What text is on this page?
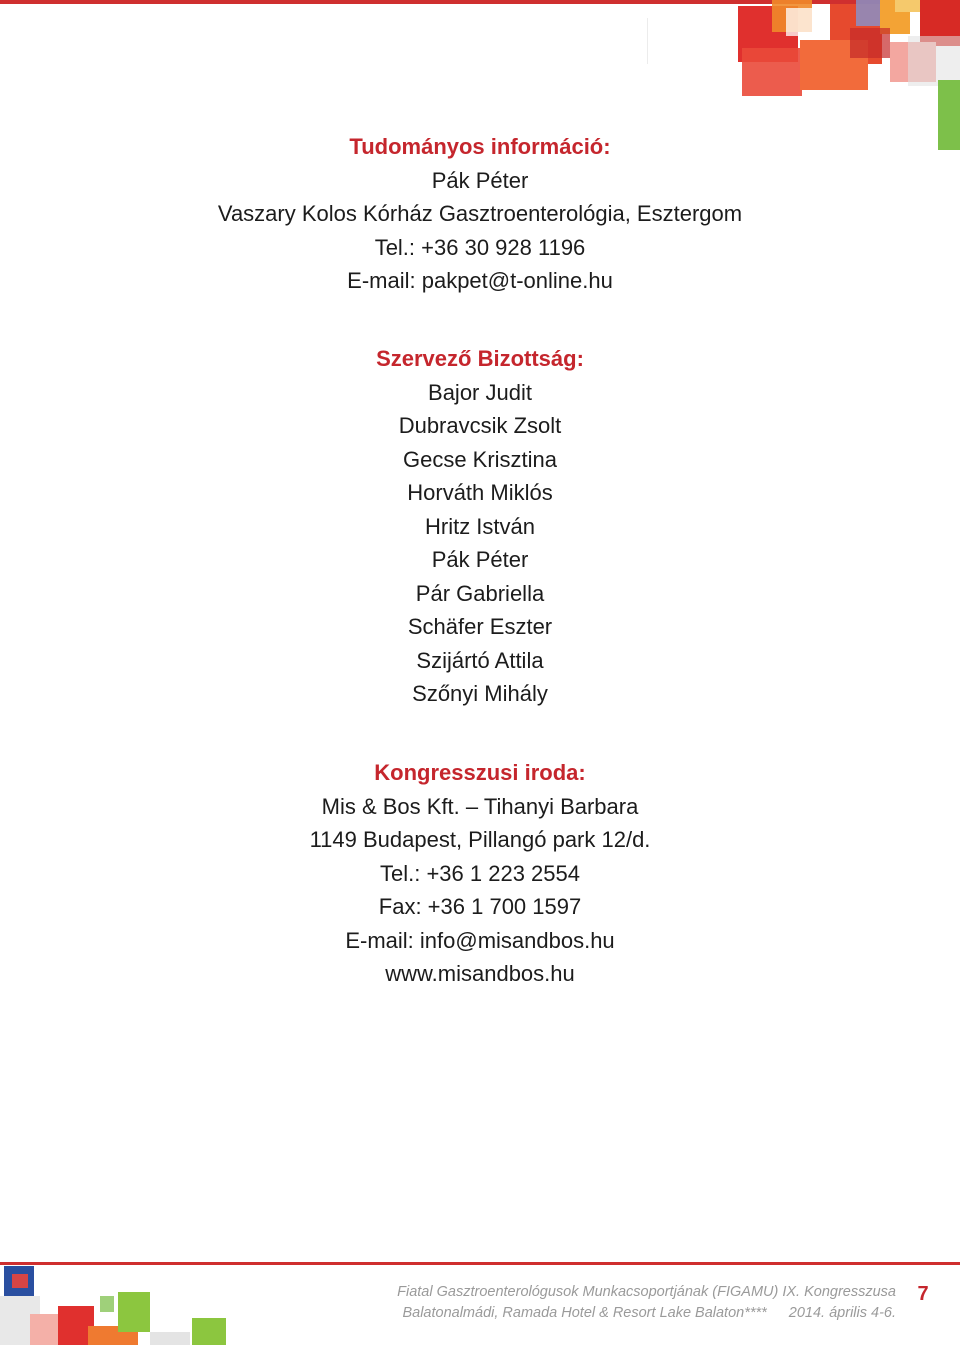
Tudományos információ:
Pák Péter
Vaszary Kolos Kórház Gasztroenterológia, Esztergom
Tel.: +36 30 928 1196
E-mail: pakpet@t-online.hu
Szervező Bizottság:
Bajor Judit
Dubravcsik Zsolt
Gecse Krisztina
Horváth Miklós
Hritz István
Pák Péter
Pár Gabriella
Schäfer Eszter
Szijártó Attila
Szőnyi Mihály
Kongresszusi iroda:
Mis & Bos Kft. – Tihanyi Barbara
1149 Budapest, Pillangó park 12/d.
Tel.: +36 1 223 2554
Fax: +36 1 700 1597
E-mail: info@misandbos.hu
www.misandbos.hu
Fiatal Gasztroenterológusok Munkacsoportjának (FIGAMU) IX. Kongresszusa
Balatonalmádi, Ramada Hotel & Resort Lake Balaton**** 2014. április 4-6.
7
